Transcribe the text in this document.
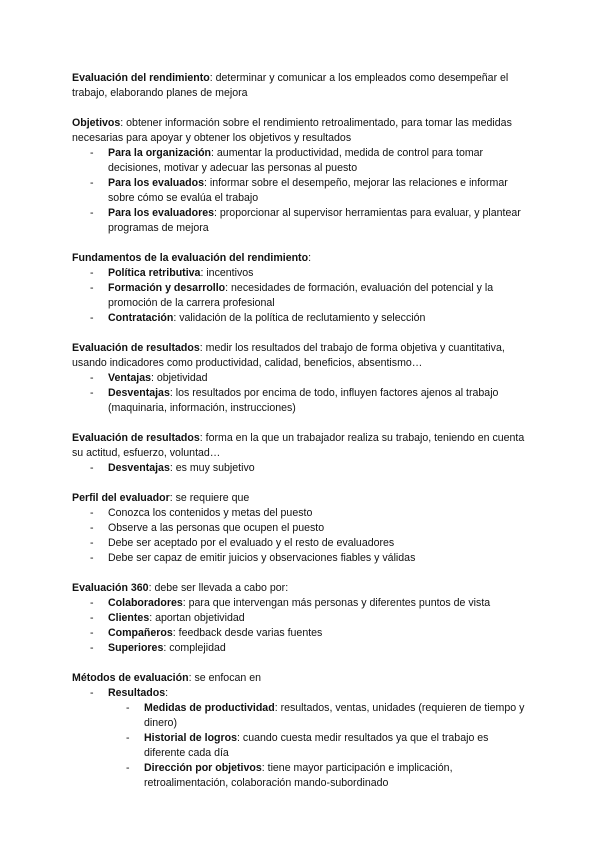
Evaluación del rendimiento: determinar y comunicar a los empleados como desempeñar el trabajo, elaborando planes de mejora

Objetivos: obtener información sobre el rendimiento retroalimentado, para tomar las medidas necesarias para apoyar y obtener los objetivos y resultados

- Para la organización: aumentar la productividad, medida de control para tomar decisiones, motivar y adecuar las personas al puesto
- Para los evaluados: informar sobre el desempeño, mejorar las relaciones e informar sobre cómo se evalúa el trabajo
- Para los evaluadores: proporcionar al supervisor herramientas para evaluar, y plantear programas de mejora

Fundamentos de la evaluación del rendimiento:

- Política retributiva: incentivos
- Formación y desarrollo: necesidades de formación, evaluación del potencial y la promoción de la carrera profesional
- Contratación: validación de la política de reclutamiento y selección

Evaluación de resultados: medir los resultados del trabajo de forma objetiva y cuantitativa, usando indicadores como productividad, calidad, beneficios, absentismo…

- Ventajas: objetividad
- Desventajas: los resultados por encima de todo, influyen factores ajenos al trabajo (maquinaria, información, instrucciones)

Evaluación de resultados: forma en la que un trabajador realiza su trabajo, teniendo en cuenta su actitud, esfuerzo, voluntad…

- Desventajas: es muy subjetivo

Perfil del evaluador: se requiere que

- Conozca los contenidos y metas del puesto
- Observe a las personas que ocupen el puesto
- Debe ser aceptado por el evaluado y el resto de evaluadores
- Debe ser capaz de emitir juicios y observaciones fiables y válidas

Evaluación 360: debe ser llevada a cabo por:

- Colaboradores: para que intervengan más personas y diferentes puntos de vista
- Clientes: aportan objetividad
- Compañeros: feedback desde varias fuentes
- Superiores: complejidad

Métodos de evaluación: se enfocan en

- Resultados:
- Medidas de productividad: resultados, ventas, unidades (requieren de tiempo y dinero)
- Historial de logros: cuando cuesta medir resultados ya que el trabajo es diferente cada día
- Dirección por objetivos: tiene mayor participación e implicación, retroalimentación, colaboración mando-subordinado
